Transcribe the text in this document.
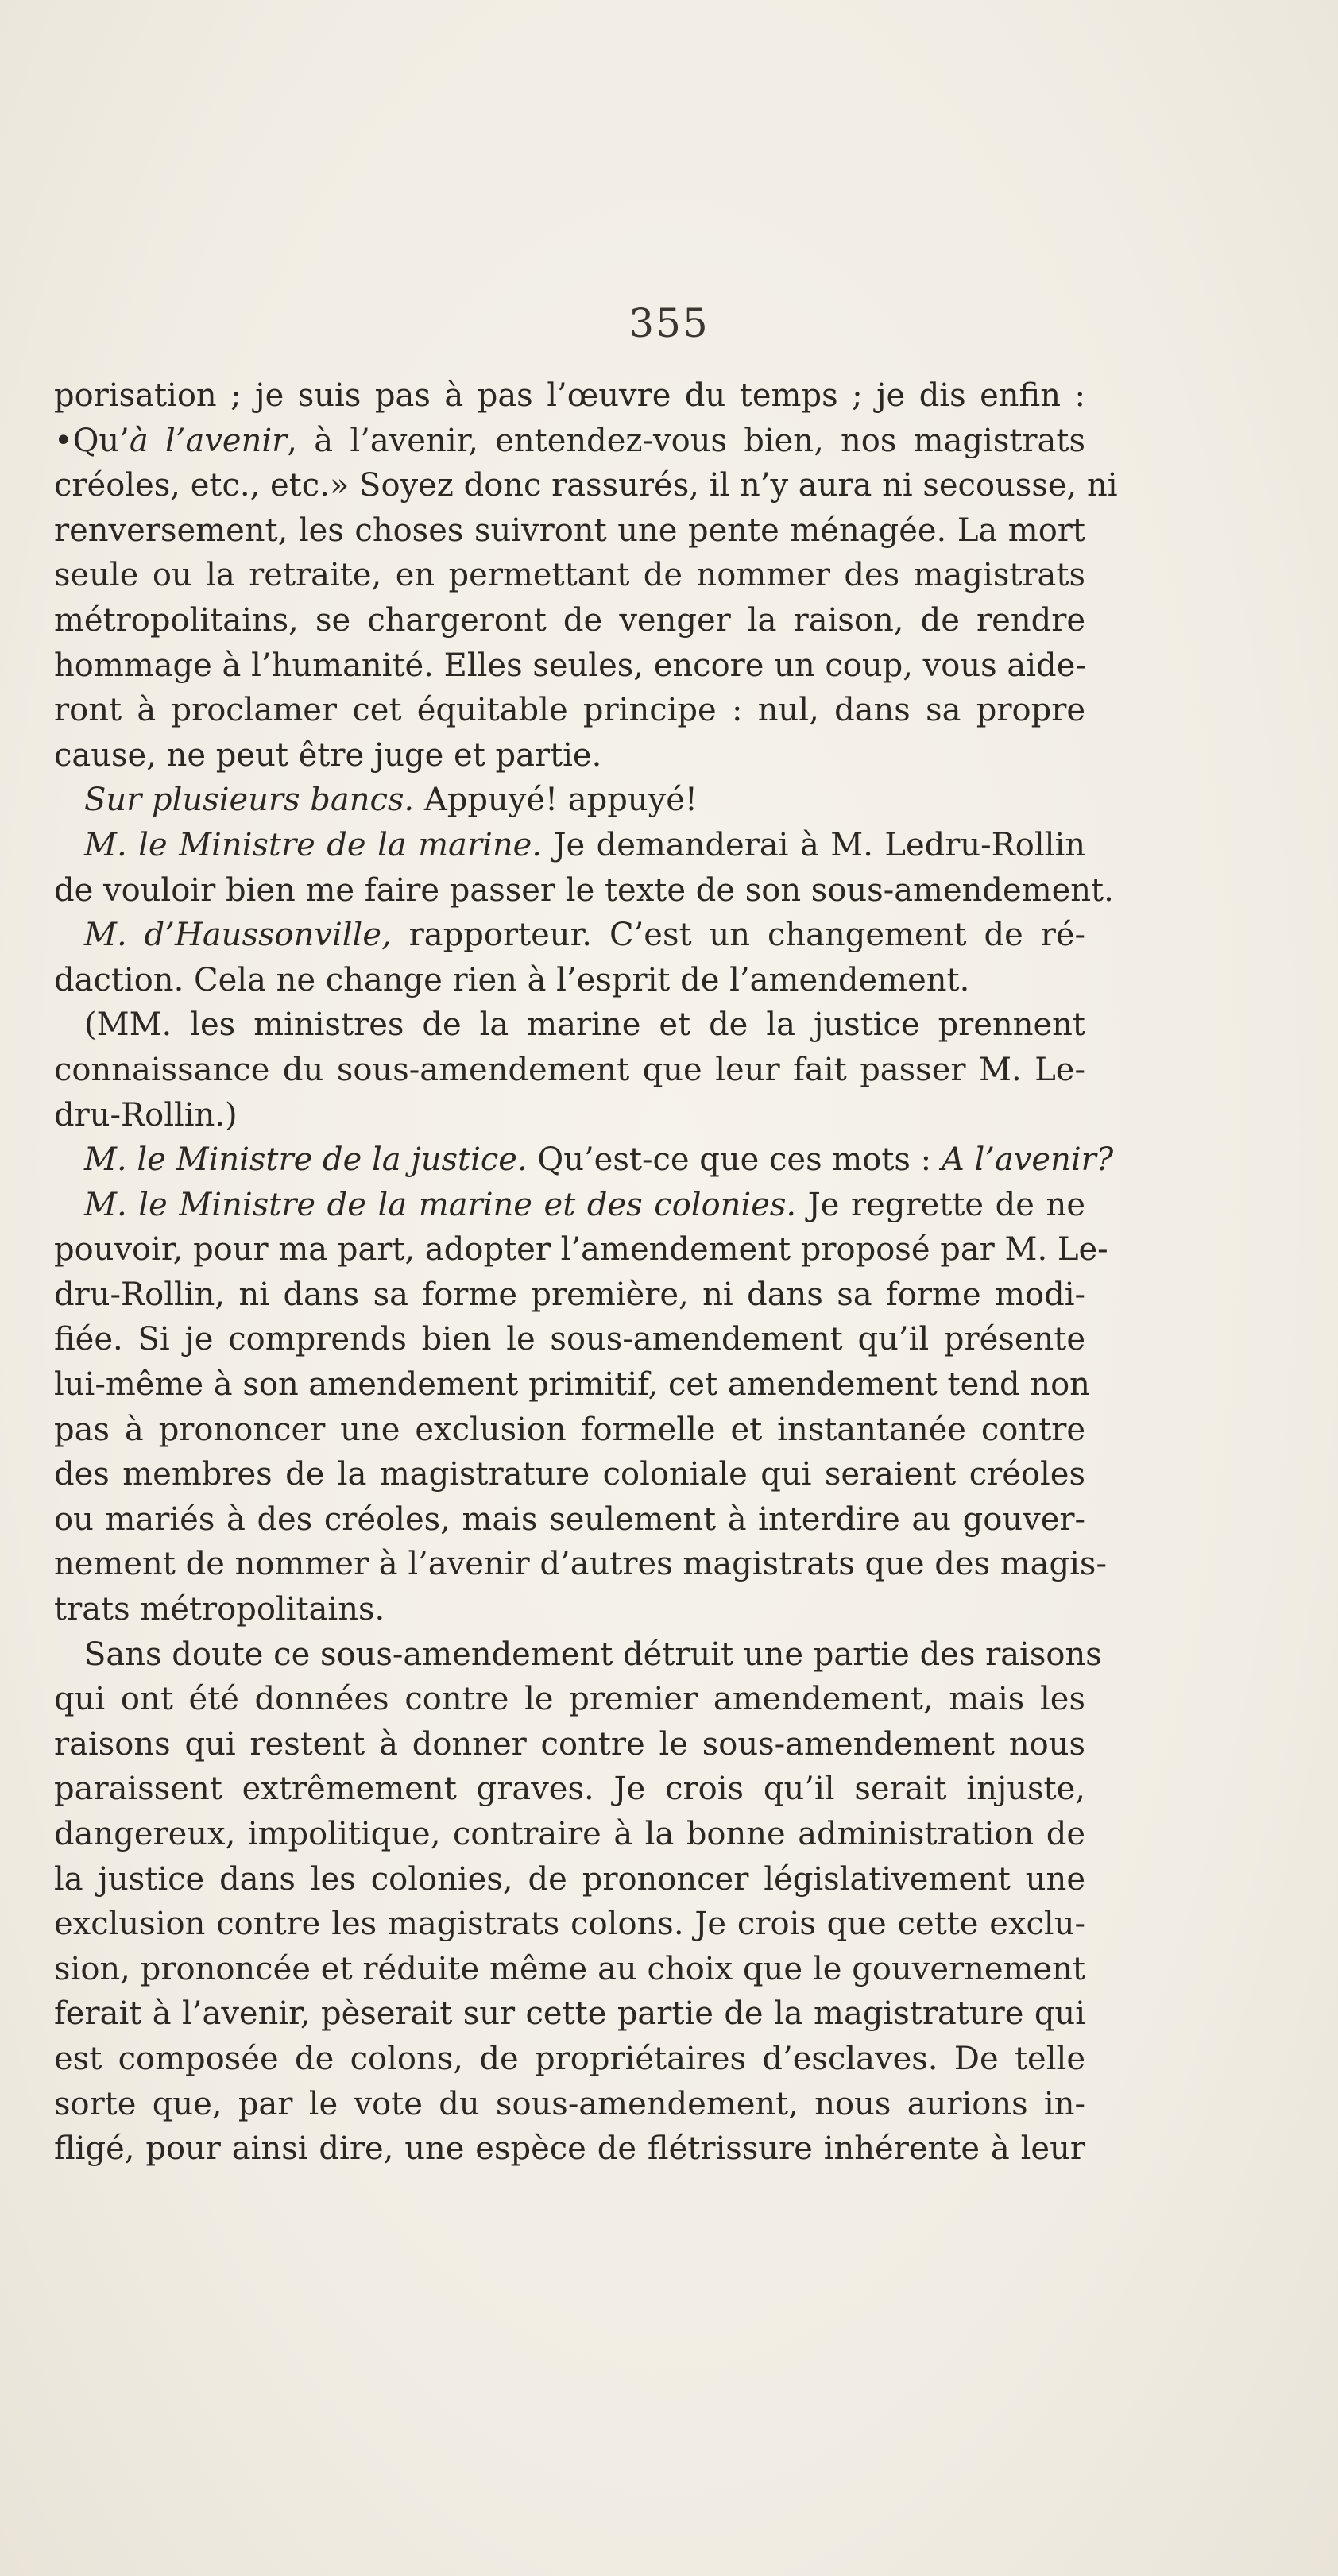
355
porisation ; je suis pas à pas l’œuvre du temps ; je dis enfin :
•Qu’à l’avenir, à l’avenir, entendez-vous bien, nos magistrats
créoles, etc., etc.» Soyez donc rassurés, il n’y aura ni secousse, ni
renversement, les choses suivront une pente ménagée. La mort
seule ou la retraite, en permettant de nommer des magistrats
métropolitains, se chargeront de venger la raison, de rendre
hommage à l’humanité. Elles seules, encore un coup, vous aide-
ront à proclamer cet équitable principe : nul, dans sa propre
cause, ne peut être juge et partie.
Sur plusieurs bancs. Appuyé! appuyé!
M. le Ministre de la marine. Je demanderai à M. Ledru-Rollin
de vouloir bien me faire passer le texte de son sous-amendement.
M. d’Haussonville, rapporteur. C’est un changement de ré-
daction. Cela ne change rien à l’esprit de l’amendement.
(MM. les ministres de la marine et de la justice prennent
connaissance du sous-amendement que leur fait passer M. Le-
dru-Rollin.)
M. le Ministre de la justice. Qu’est-ce que ces mots : A l’avenir?
M. le Ministre de la marine et des colonies. Je regrette de ne
pouvoir, pour ma part, adopter l’amendement proposé par M. Le-
dru-Rollin, ni dans sa forme première, ni dans sa forme modi-
fiée. Si je comprends bien le sous-amendement qu’il présente
lui-même à son amendement primitif, cet amendement tend non
pas à prononcer une exclusion formelle et instantanée contre
des membres de la magistrature coloniale qui seraient créoles
ou mariés à des créoles, mais seulement à interdire au gouver-
nement de nommer à l’avenir d’autres magistrats que des magis-
trats métropolitains.
Sans doute ce sous-amendement détruit une partie des raisons
qui ont été données contre le premier amendement, mais les
raisons qui restent à donner contre le sous-amendement nous
paraissent extrêmement graves. Je crois qu’il serait injuste,
dangereux, impolitique, contraire à la bonne administration de
la justice dans les colonies, de prononcer législativement une
exclusion contre les magistrats colons. Je crois que cette exclu-
sion, prononcée et réduite même au choix que le gouvernement
ferait à l’avenir, pèserait sur cette partie de la magistrature qui
est composée de colons, de propriétaires d’esclaves. De telle
sorte que, par le vote du sous-amendement, nous aurions in-
fligé, pour ainsi dire, une espèce de flétrissure inhérente à leur
